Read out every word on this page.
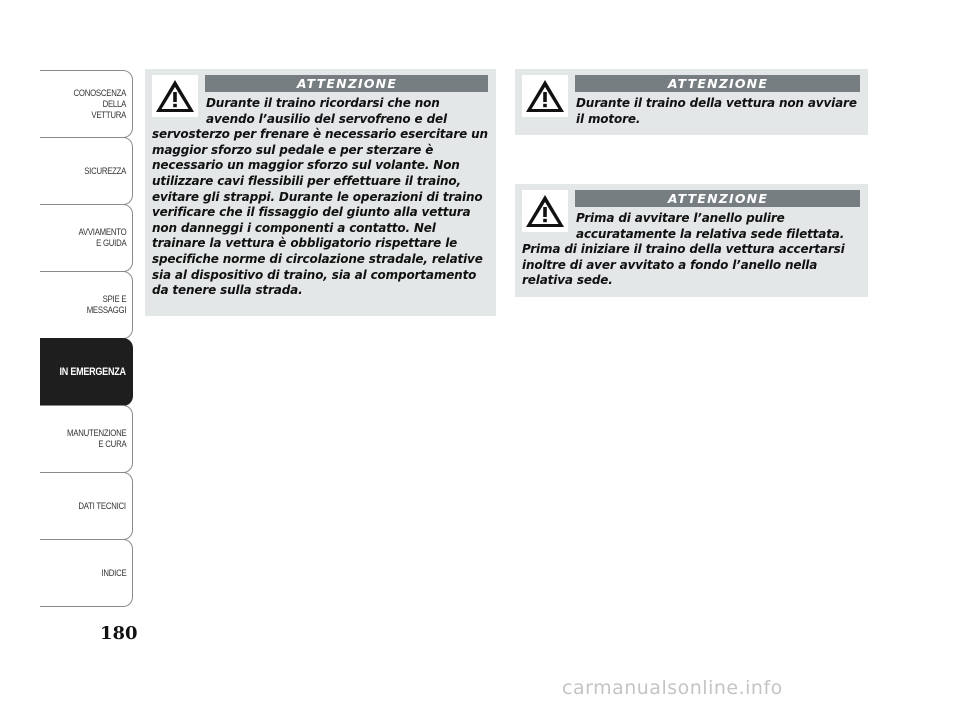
CONOSCENZA
DELLA
VETTURA
SICUREZZA
AVVIAMENTO
E GUIDA
SPIE E
MESSAGGI
IN EMERGENZA
MANUTENZIONE
E CURA
DATI TECNICI
INDICE
180
ATTENZIONE

Durante il traino ricordarsi che non avendo l’ausilio del servofreno e del servosterzo per frenare è necessario esercitare un maggior sforzo sul pedale e per sterzare è necessario un maggior sforzo sul volante. Non utilizzare cavi flessibili per effettuare il traino, evitare gli strappi. Durante le operazioni di traino verificare che il fissaggio del giunto alla vettura non danneggi i componenti a contatto. Nel trainare la vettura è obbligatorio rispettare le specifiche norme di circolazione stradale, relative sia al dispositivo di traino, sia al comportamento da tenere sulla strada.

ATTENZIONE

Durante il traino della vettura non avviare il motore.

ATTENZIONE

Prima di avvitare l’anello pulire accuratamente la relativa sede filettata. Prima di iniziare il traino della vettura accertarsi inoltre di aver avvitato a fondo l’anello nella relativa sede.

carmanualsonline.info
